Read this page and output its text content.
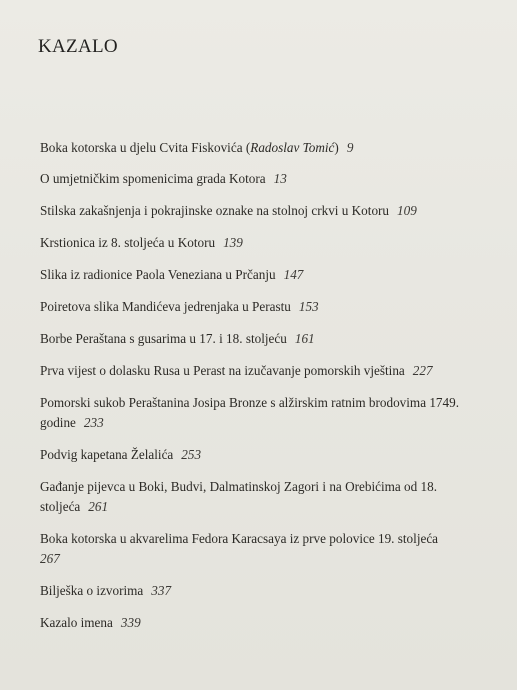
KAZALO
Boka kotorska u djelu Cvita Fiskovića (Radoslav Tomić) 9
O umjetničkim spomenicima grada Kotora 13
Stilska zakašnjenja i pokrajinske oznake na stolnoj crkvi u Kotoru 109
Krstionica iz 8. stoljeća u Kotoru 139
Slika iz radionice Paola Veneziana u Prčanju 147
Poiretova slika Mandićeva jedrenjaka u Perastu 153
Borbe Peraštana s gusarima u 17. i 18. stoljeću 161
Prva vijest o dolasku Rusa u Perast na izučavanje pomorskih vještina 227
Pomorski sukob Peraštanina Josipa Bronze s alžirskim ratnim brodovima 1749. godine 233
Podvig kapetana Želalića 253
Gađanje pijevca u Boki, Budvi, Dalmatinskoj Zagori i na Orebićima od 18. stoljeća 261
Boka kotorska u akvarelima Fedora Karacsaya iz prve polovice 19. stoljeća
267
Bilješka o izvorima 337
Kazalo imena 339
